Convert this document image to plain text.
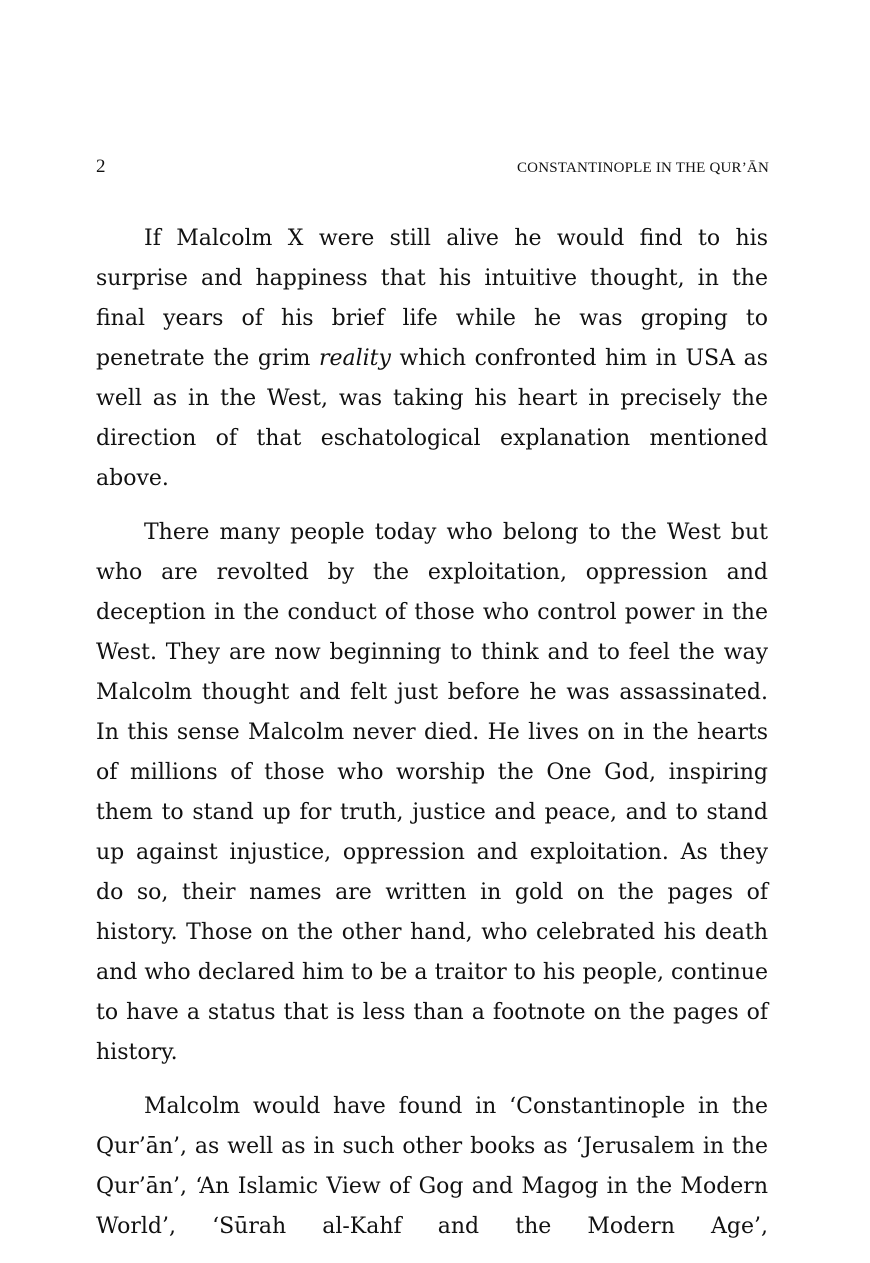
2	CONSTANTINOPLE IN THE QUR’ĀN

If Malcolm X were still alive he would find to his surprise and happiness that his intuitive thought, in the final years of his brief life while he was groping to penetrate the grim reality which confronted him in USA as well as in the West, was taking his heart in precisely the direction of that eschatological explanation mentioned above.

There many people today who belong to the West but who are revolted by the exploitation, oppression and deception in the conduct of those who control power in the West. They are now beginning to think and to feel the way Malcolm thought and felt just before he was assassinated. In this sense Malcolm never died. He lives on in the hearts of millions of those who worship the One God, inspiring them to stand up for truth, justice and peace, and to stand up against injustice, oppression and exploitation. As they do so, their names are written in gold on the pages of history. Those on the other hand, who celebrated his death and who declared him to be a traitor to his people, continue to have a status that is less than a footnote on the pages of history.

Malcolm would have found in ‘Constantinople in the Qur’ān’, as well as in such other books as ‘Jerusalem in the Qur’ān’, ‘An Islamic View of Gog and Magog in the Modern World’, ‘Sūrah al-Kahf and the Modern Age’,
